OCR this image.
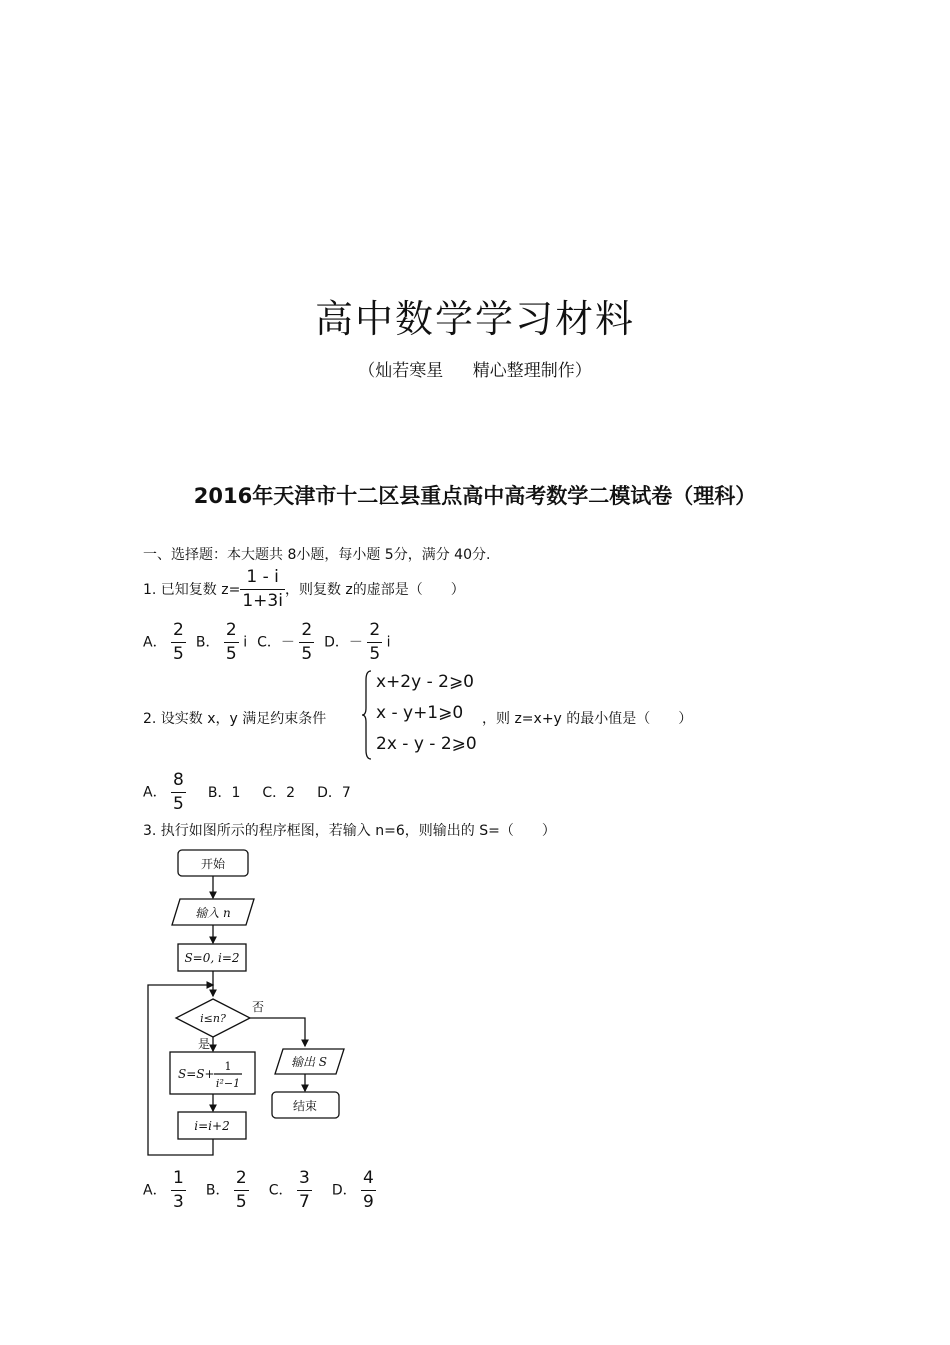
高中数学学习材料
（灿若寒星 精心整理制作）
2016年天津市十二区县重点高中高考数学二模试卷（理科）
一、选择题：本大题共 8小题，每小题 5分，满分 40分.
1. 已知复数 $z= \frac{1 - i}{1+3i}$ ，则复数 z的虚部是（　　）
A． $\frac{2}{5}$ B． $\frac{2}{5}$ i C．－ $\frac{2}{5}$ D．－ $\frac{2}{5}$ i
2. 设实数 x，y 满足约束条件
x+2y - 2⩾0
x - y+1⩾0
2x - y - 2⩾0
，则 z=x+y 的最小值是（　　）
A． $\frac{8}{5}$ B．1 C．2 D．7
3. 执行如图所示的程序框图，若输入 n=6，则输出的 S=（　　）
开始
输入 n
S=0, i=2
i≤n?
否
是
S=S+
1
i²−1
i=i+2
输出 S
结束
A． $\frac{1}{3}$ B． $\frac{2}{5}$ C． $\frac{3}{7}$ D． $\frac{4}{9}$
